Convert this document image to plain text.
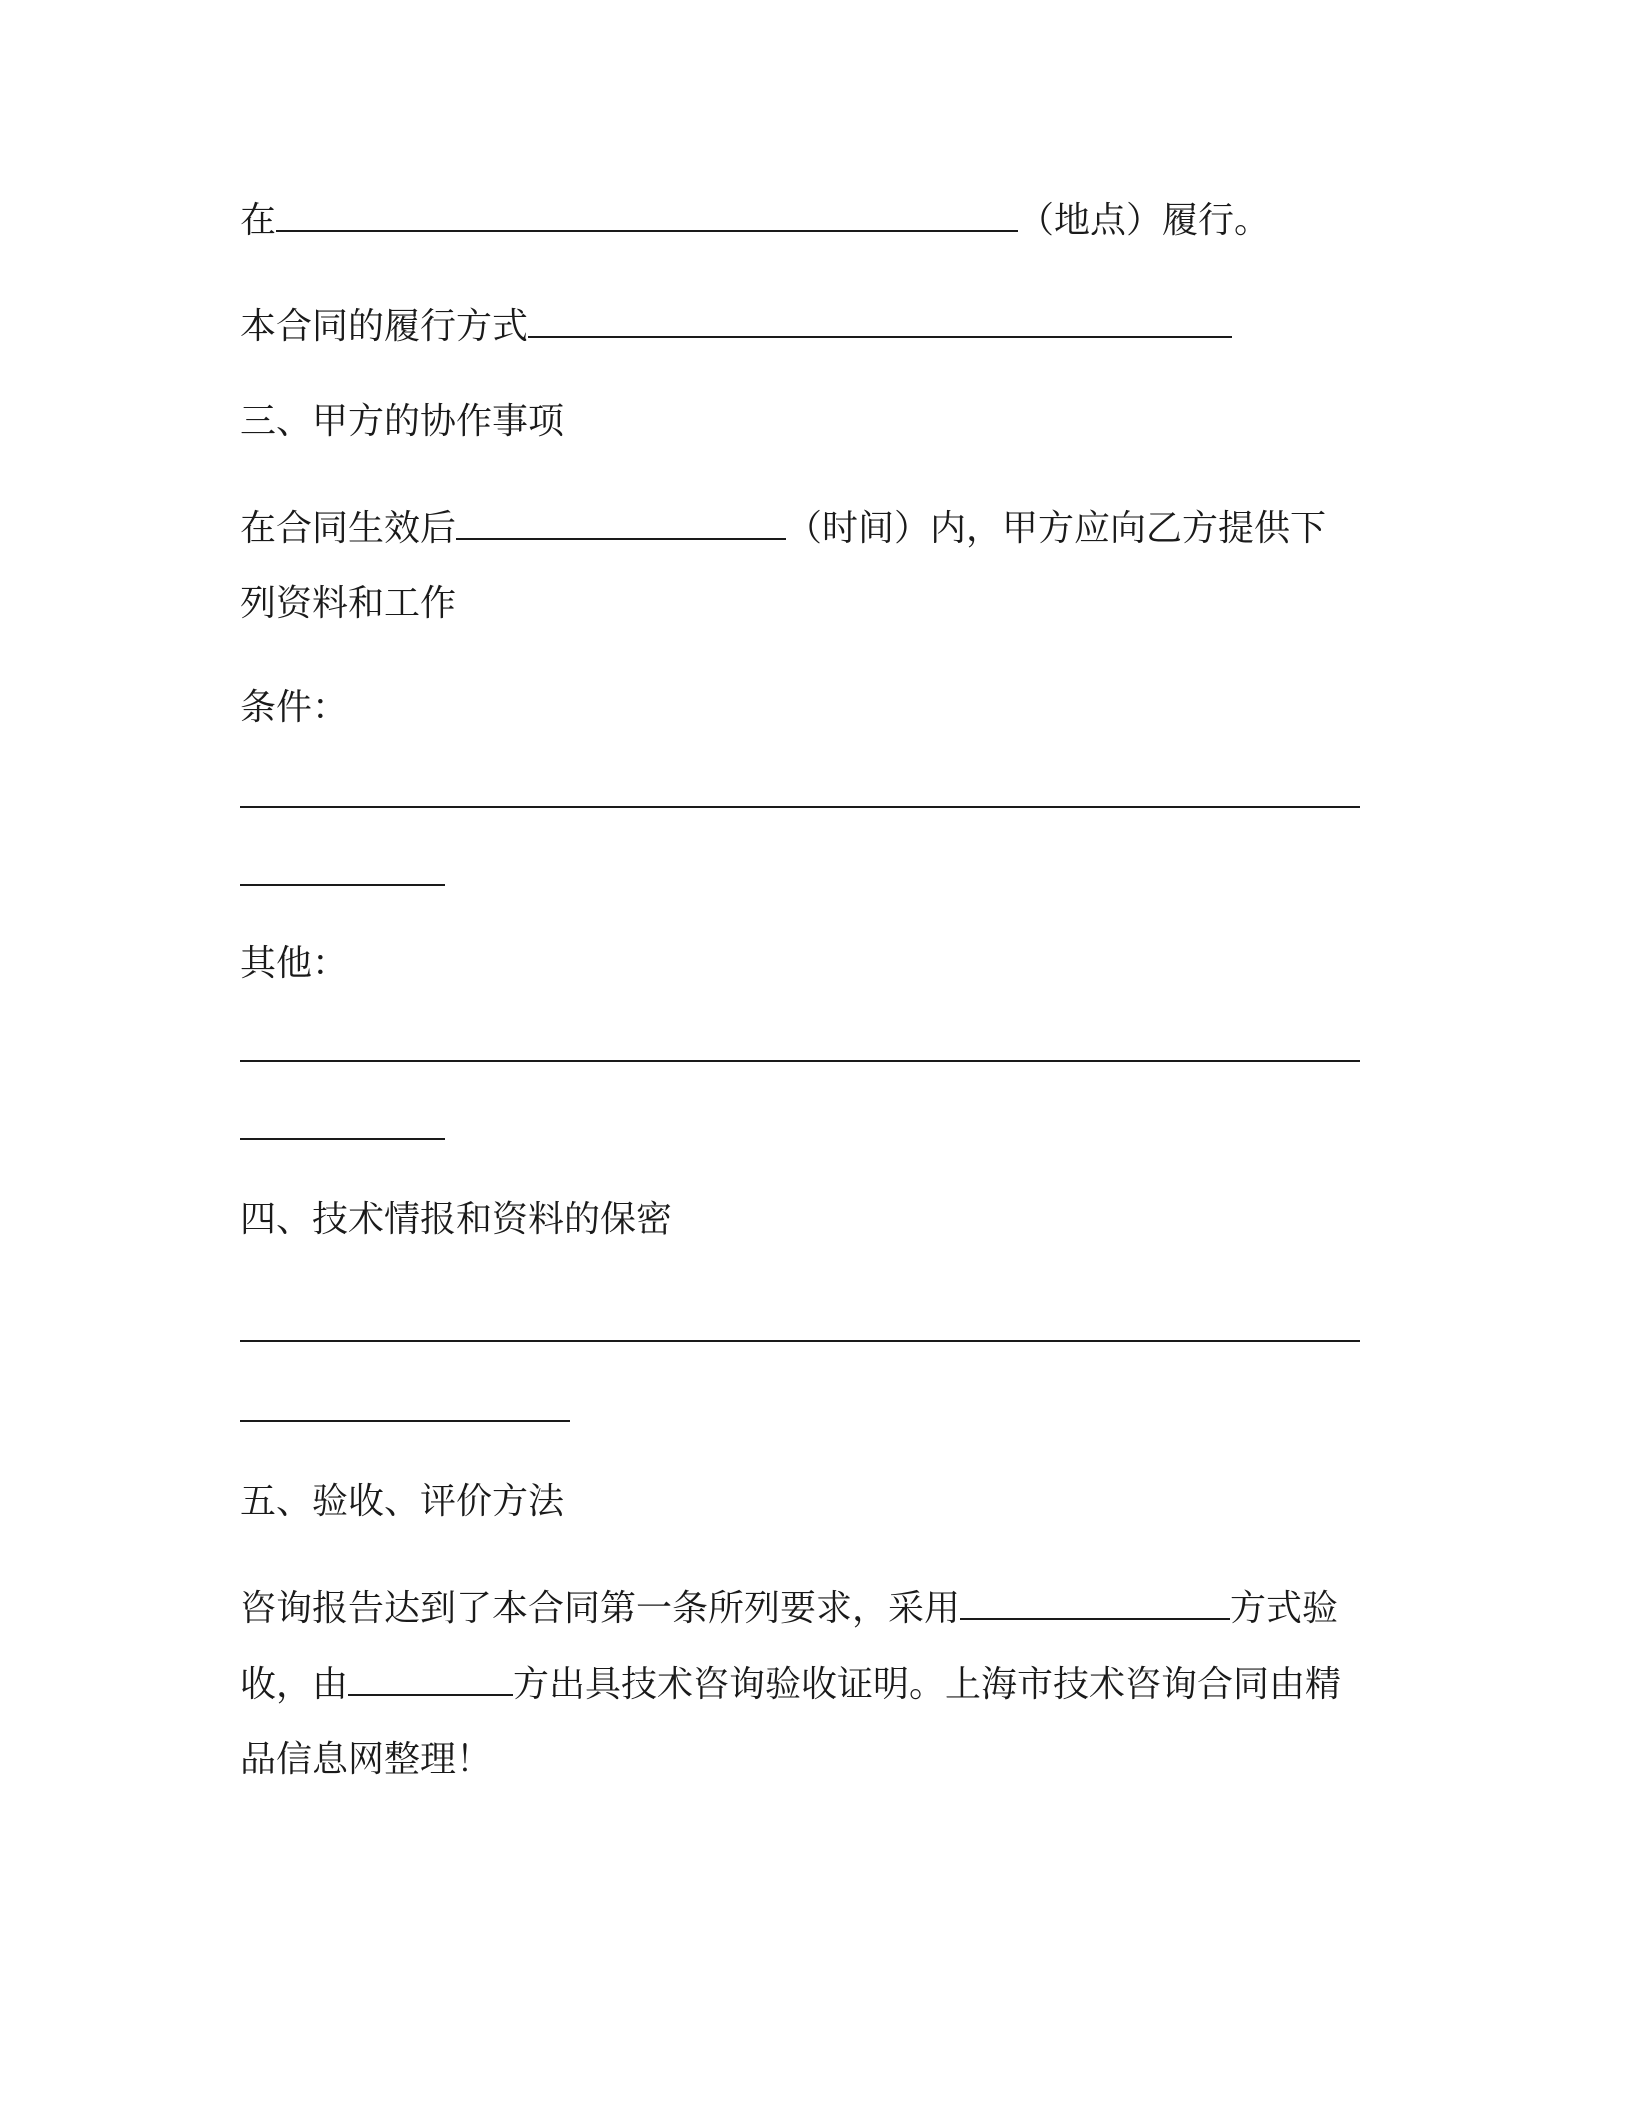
在	（地点）履行。
本合同的履行方式
三、甲方的协作事项
在合同生效后	（时间）内，甲方应向乙方提供下
列资料和工作
条件：
其他：
四、技术情报和资料的保密
五、验收、评价方法
咨询报告达到了本合同第一条所列要求，采用	方式验
收，由	方出具技术咨询验收证明。上海市技术咨询合同由精
品信息网整理！
